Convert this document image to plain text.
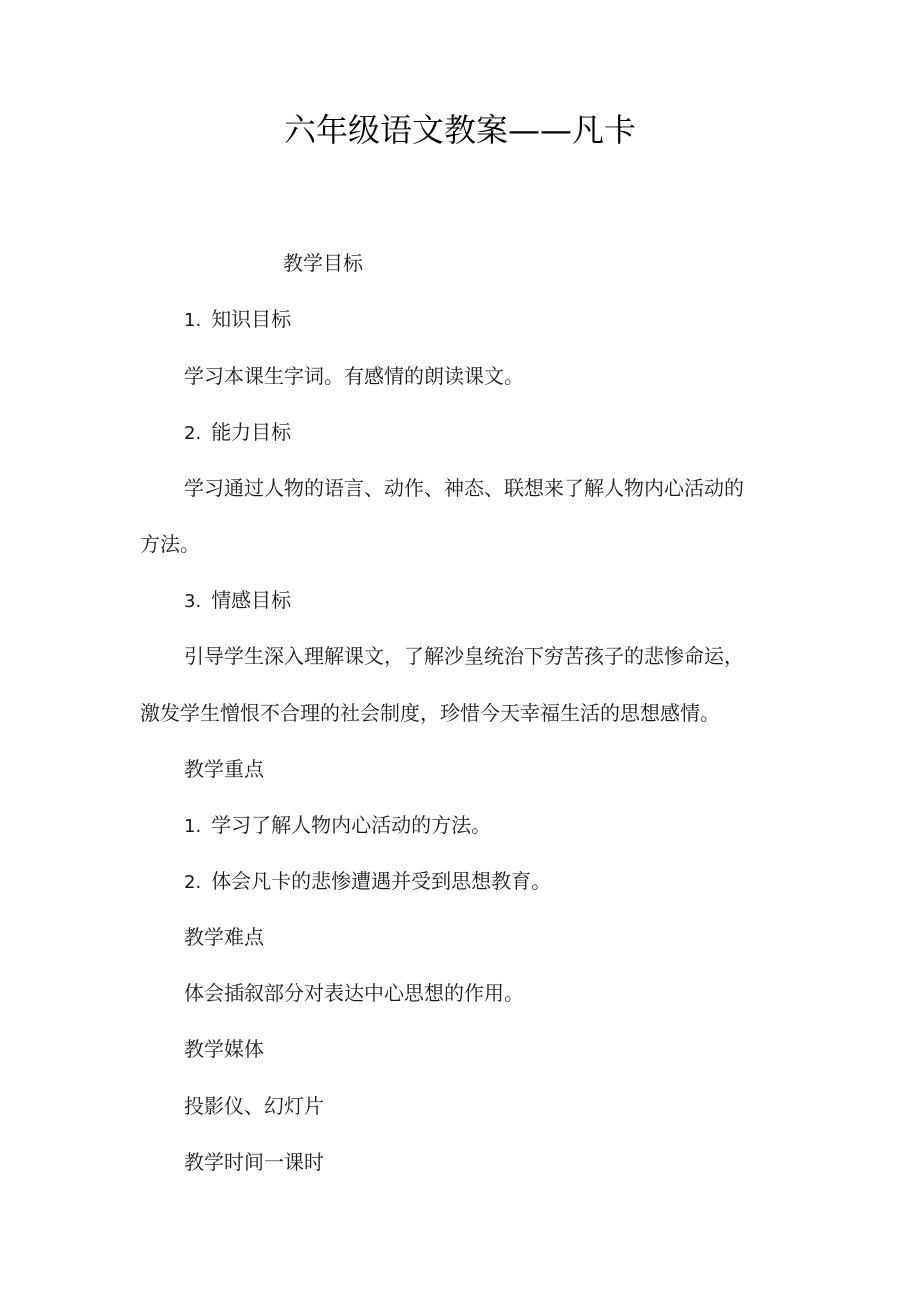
六年级语文教案——凡卡
教学目标
1. 知识目标
学习本课生字词。有感情的朗读课文。
2. 能力目标
学习通过人物的语言、动作、神态、联想来了解人物内心活动的
方法。
3. 情感目标
引导学生深入理解课文，了解沙皇统治下穷苦孩子的悲惨命运，
激发学生憎恨不合理的社会制度，珍惜今天幸福生活的思想感情。
教学重点
1. 学习了解人物内心活动的方法。
2. 体会凡卡的悲惨遭遇并受到思想教育。
教学难点
体会插叙部分对表达中心思想的作用。
教学媒体
投影仪、幻灯片
教学时间一课时
